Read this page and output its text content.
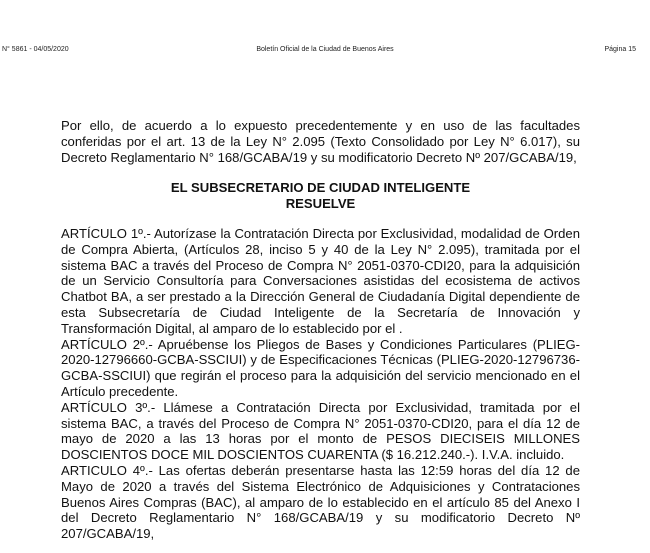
N° 5861 - 04/05/2020	Boletín Oficial de la Ciudad de Buenos Aires	Página 15

Por ello, de acuerdo a lo expuesto precedentemente y en uso de las facultades conferidas por el art. 13 de la Ley N° 2.095 (Texto Consolidado por Ley N° 6.017), su Decreto Reglamentario N° 168/GCABA/19 y su modificatorio Decreto Nº 207/GCABA/19,

EL SUBSECRETARIO DE CIUDAD INTELIGENTE
RESUELVE

ARTÍCULO 1º.- Autorízase la Contratación Directa por Exclusividad, modalidad de Orden de Compra Abierta, (Artículos 28, inciso 5 y 40 de la Ley N° 2.095), tramitada por el sistema BAC a través del Proceso de Compra N° 2051-0370-CDI20, para la adquisición de un Servicio Consultoría para Conversaciones asistidas del ecosistema de activos Chatbot BA, a ser prestado a la Dirección General de Ciudadanía Digital dependiente de esta Subsecretaría de Ciudad Inteligente de la Secretaría de Innovación y Transformación Digital, al amparo de lo establecido por el .

ARTÍCULO 2º.- Apruébense los Pliegos de Bases y Condiciones Particulares (PLIEG-2020-12796660-GCBA-SSCIUI) y de Especificaciones Técnicas (PLIEG-2020-12796736-GCBA-SSCIUI) que regirán el proceso para la adquisición del servicio mencionado en el Artículo precedente.

ARTÍCULO 3º.- Llámese a Contratación Directa por Exclusividad, tramitada por el sistema BAC, a través del Proceso de Compra N° 2051-0370-CDI20, para el día 12 de mayo de 2020 a las 13 horas por el monto de PESOS DIECISEIS MILLONES DOSCIENTOS DOCE MIL DOSCIENTOS CUARENTA ($ 16.212.240.-). I.V.A. incluido.

ARTICULO 4º.- Las ofertas deberán presentarse hasta las 12:59 horas del día 12 de Mayo de 2020 a través del Sistema Electrónico de Adquisiciones y Contrataciones Buenos Aires Compras (BAC), al amparo de lo establecido en el artículo 85 del Anexo I del Decreto Reglamentario N° 168/GCABA/19 y su modificatorio Decreto Nº 207/GCABA/19,
